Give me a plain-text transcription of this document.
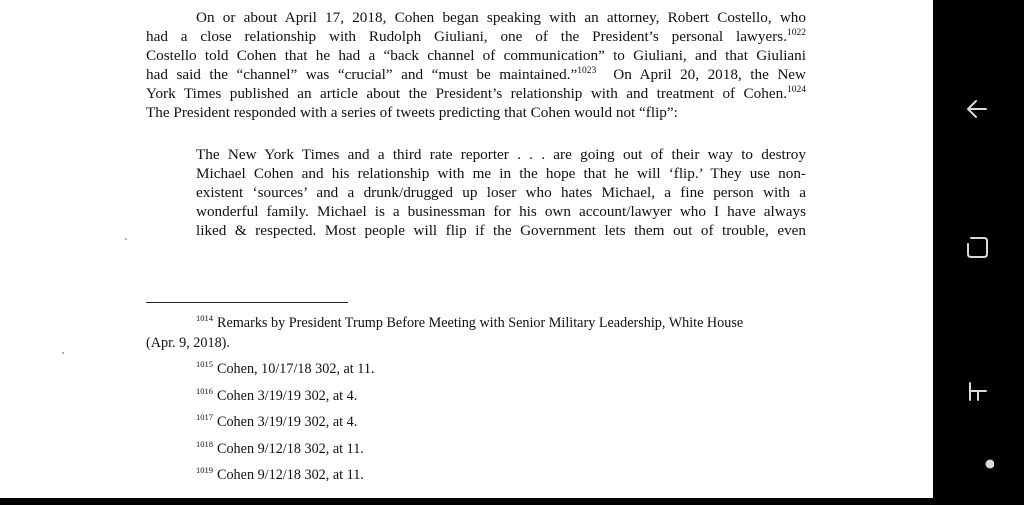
On or about April 17, 2018, Cohen began speaking with an attorney, Robert Costello, who
had a close relationship with Rudolph Giuliani, one of the President’s personal lawyers.$^{1022}$
Costello told Cohen that he had a “back channel of communication” to Giuliani, and that Giuliani
had said the “channel” was “crucial” and “must be maintained.”$^{1023}$ On April 20, 2018, the New
York Times published an article about the President’s relationship with and treatment of Cohen.$^{1024}$
The President responded with a series of tweets predicting that Cohen would not “flip”:
The New York Times and a third rate reporter . . . are going out of their way to destroy
Michael Cohen and his relationship with me in the hope that he will ‘flip.’ They use non-
existent ‘sources’ and a drunk/drugged up loser who hates Michael, a fine person with a
wonderful family. Michael is a businessman for his own account/lawyer who I have always
liked & respected. Most people will flip if the Government lets them out of trouble, even
$^{1014}$ Remarks by President Trump Before Meeting with Senior Military Leadership, White House
(Apr. 9, 2018).
$^{1015}$ Cohen, 10/17/18 302, at 11.
$^{1016}$ Cohen 3/19/19 302, at 4.
$^{1017}$ Cohen 3/19/19 302, at 4.
$^{1018}$ Cohen 9/12/18 302, at 11.
$^{1019}$ Cohen 9/12/18 302, at 11.
